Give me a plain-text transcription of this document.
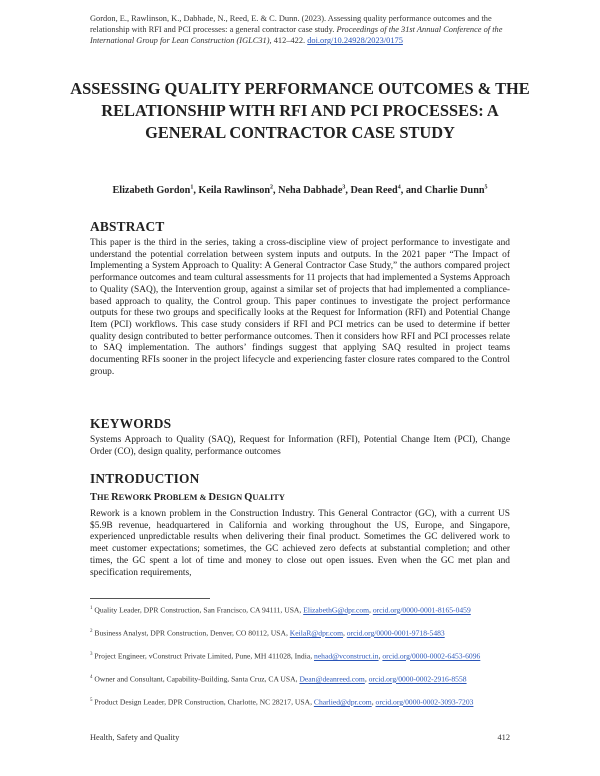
Gordon, E., Rawlinson, K., Dabhade, N., Reed, E. & C. Dunn. (2023). Assessing quality performance outcomes and the relationship with RFI and PCI processes: a general contractor case study. Proceedings of the 31st Annual Conference of the International Group for Lean Construction (IGLC31), 412–422. doi.org/10.24928/2023/0175
ASSESSING QUALITY PERFORMANCE OUTCOMES & THE RELATIONSHIP WITH RFI AND PCI PROCESSES: A GENERAL CONTRACTOR CASE STUDY
Elizabeth Gordon$^1$, Keila Rawlinson$^2$, Neha Dabhade$^3$, Dean Reed$^4$, and Charlie Dunn$^5$
ABSTRACT
This paper is the third in the series, taking a cross-discipline view of project performance to investigate and understand the potential correlation between system inputs and outputs. In the 2021 paper “The Impact of Implementing a System Approach to Quality: A General Contractor Case Study,” the authors compared project performance outcomes and team cultural assessments for 11 projects that had implemented a Systems Approach to Quality (SAQ), the Intervention group, against a similar set of projects that had implemented a compliance-based approach to quality, the Control group. This paper continues to investigate the project performance outputs for these two groups and specifically looks at the Request for Information (RFI) and Potential Change Item (PCI) workflows. This case study considers if RFI and PCI metrics can be used to determine if better quality design contributed to better performance outcomes. Then it considers how RFI and PCI processes relate to SAQ implementation. The authors’ findings suggest that applying SAQ resulted in project teams documenting RFIs sooner in the project lifecycle and experiencing faster closure rates compared to the Control group.
KEYWORDS
Systems Approach to Quality (SAQ), Request for Information (RFI), Potential Change Item (PCI), Change Order (CO), design quality, performance outcomes
INTRODUCTION
THE REWORK PROBLEM & DESIGN QUALITY
Rework is a known problem in the Construction Industry. This General Contractor (GC), with a current US $5.9B revenue, headquartered in California and working throughout the US, Europe, and Singapore, experienced unpredictable results when delivering their final product. Sometimes the GC delivered work to meet customer expectations; sometimes, the GC achieved zero defects at substantial completion; and other times, the GC spent a lot of time and money to close out open issues. Even when the GC met plan and specification requirements,
$^1$ Quality Leader, DPR Construction, San Francisco, CA 94111, USA, ElizabethG@dpr.com, orcid.org/0000-0001-8165-0459
$^2$ Business Analyst, DPR Construction, Denver, CO 80112, USA, KeilaR@dpr.com, orcid.org/0000-0001-9718-5483
$^3$ Project Engineer, vConstruct Private Limited, Pune, MH 411028, India, nehad@vconstruct.in, orcid.org/0000-0002-6453-6096
$^4$ Owner and Consultant, Capability-Building, Santa Cruz, CA USA, Dean@deanreed.com, orcid.org/0000-0002-2916-8558
$^5$ Product Design Leader, DPR Construction, Charlotte, NC 28217, USA, Charlied@dpr.com, orcid.org/0000-0002-3093-7203
Health, Safety and Quality	412
